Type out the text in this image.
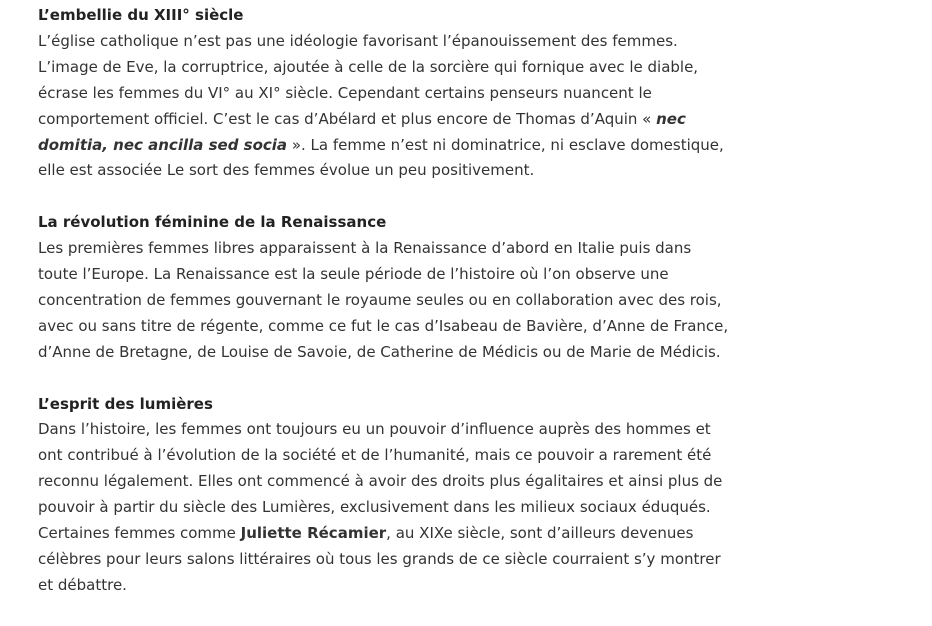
L’embellie du XIII° siècle
L’église catholique n’est pas une idéologie favorisant l’épanouissement des femmes.
L’image de Eve, la corruptrice, ajoutée à celle de la sorcière qui fornique avec le diable,
écrase les femmes du VI° au XI° siècle. Cependant certains penseurs nuancent le
comportement officiel. C’est le cas d’Abélard et plus encore de Thomas d’Aquin « nec
domitia, nec ancilla sed socia ». La femme n’est ni dominatrice, ni esclave domestique,
elle est associée Le sort des femmes évolue un peu positivement.
La révolution féminine de la Renaissance
Les premières femmes libres apparaissent à la Renaissance d’abord en Italie puis dans
toute l’Europe. La Renaissance est la seule période de l’histoire où l’on observe une
concentration de femmes gouvernant le royaume seules ou en collaboration avec des rois,
avec ou sans titre de régente, comme ce fut le cas d’Isabeau de Bavière, d’Anne de France,
d’Anne de Bretagne, de Louise de Savoie, de Catherine de Médicis ou de Marie de Médicis.
L’esprit des lumières
Dans l’histoire, les femmes ont toujours eu un pouvoir d’influence auprès des hommes et
ont contribué à l’évolution de la société et de l’humanité, mais ce pouvoir a rarement été
reconnu légalement. Elles ont commencé à avoir des droits plus égalitaires et ainsi plus de
pouvoir à partir du siècle des Lumières, exclusivement dans les milieux sociaux éduqués.
Certaines femmes comme Juliette Récamier, au XIXe siècle, sont d’ailleurs devenues
célèbres pour leurs salons littéraires où tous les grands de ce siècle courraient s’y montrer
et débattre.
